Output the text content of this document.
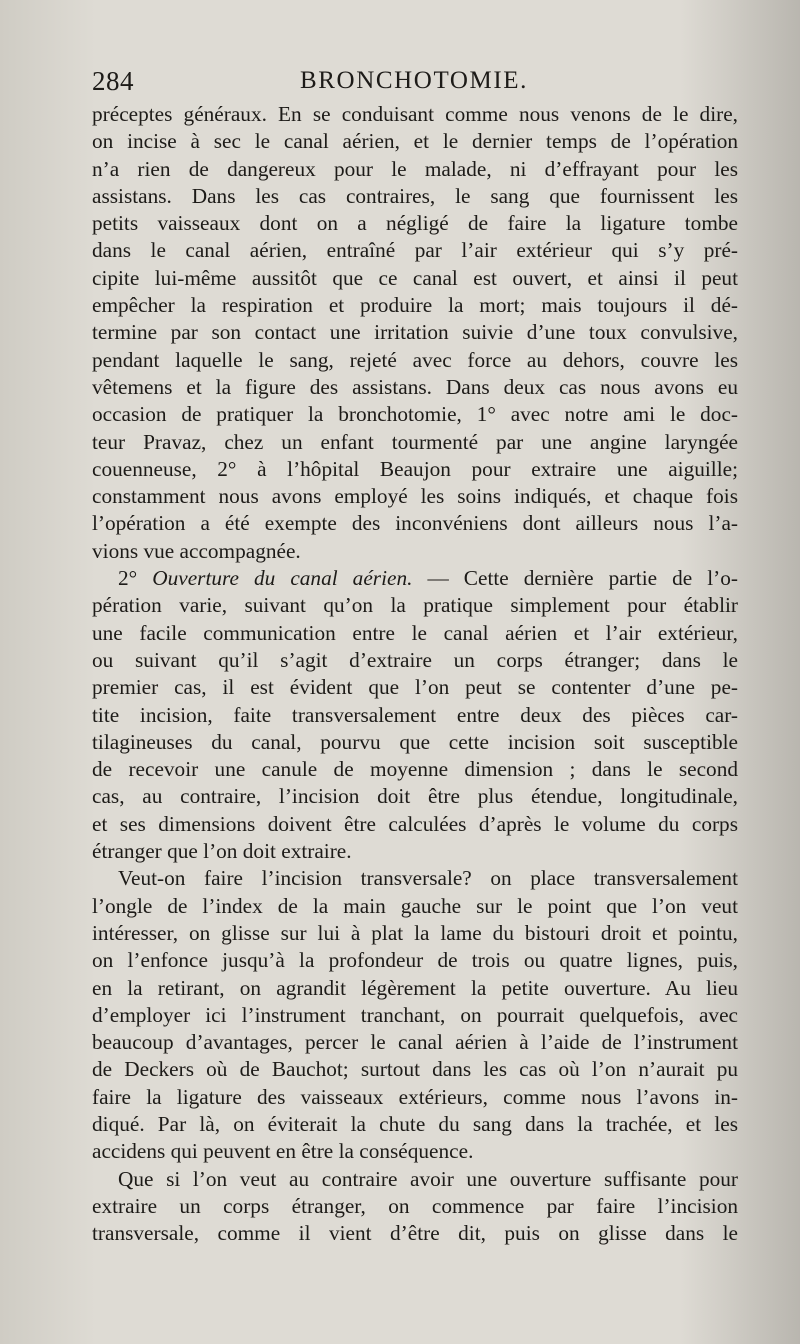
284	BRONCHOTOMIE.
préceptes généraux. En se conduisant comme nous venons de le dire,
on incise à sec le canal aérien, et le dernier temps de l’opération
n’a rien de dangereux pour le malade, ni d’effrayant pour les
assistans. Dans les cas contraires, le sang que fournissent les
petits vaisseaux dont on a négligé de faire la ligature tombe
dans le canal aérien, entraîné par l’air extérieur qui s’y pré-
cipite lui-même aussitôt que ce canal est ouvert, et ainsi il peut
empêcher la respiration et produire la mort; mais toujours il dé-
termine par son contact une irritation suivie d’une toux convulsive,
pendant laquelle le sang, rejeté avec force au dehors, couvre les
vêtemens et la figure des assistans. Dans deux cas nous avons eu
occasion de pratiquer la bronchotomie, 1° avec notre ami le doc-
teur Pravaz, chez un enfant tourmenté par une angine laryngée
couenneuse, 2° à l’hôpital Beaujon pour extraire une aiguille;
constamment nous avons employé les soins indiqués, et chaque fois
l’opération a été exempte des inconvéniens dont ailleurs nous l’a-
vions vue accompagnée.
2° Ouverture du canal aérien. — Cette dernière partie de l’o-
pération varie, suivant qu’on la pratique simplement pour établir
une facile communication entre le canal aérien et l’air extérieur,
ou suivant qu’il s’agit d’extraire un corps étranger; dans le
premier cas, il est évident que l’on peut se contenter d’une pe-
tite incision, faite transversalement entre deux des pièces car-
tilagineuses du canal, pourvu que cette incision soit susceptible
de recevoir une canule de moyenne dimension ; dans le second
cas, au contraire, l’incision doit être plus étendue, longitudinale,
et ses dimensions doivent être calculées d’après le volume du corps
étranger que l’on doit extraire.
Veut-on faire l’incision transversale? on place transversalement
l’ongle de l’index de la main gauche sur le point que l’on veut
intéresser, on glisse sur lui à plat la lame du bistouri droit et pointu,
on l’enfonce jusqu’à la profondeur de trois ou quatre lignes, puis,
en la retirant, on agrandit légèrement la petite ouverture. Au lieu
d’employer ici l’instrument tranchant, on pourrait quelquefois, avec
beaucoup d’avantages, percer le canal aérien à l’aide de l’instrument
de Deckers où de Bauchot; surtout dans les cas où l’on n’aurait pu
faire la ligature des vaisseaux extérieurs, comme nous l’avons in-
diqué. Par là, on éviterait la chute du sang dans la trachée, et les
accidens qui peuvent en être la conséquence.
Que si l’on veut au contraire avoir une ouverture suffisante pour
extraire un corps étranger, on commence par faire l’incision
transversale, comme il vient d’être dit, puis on glisse dans le
